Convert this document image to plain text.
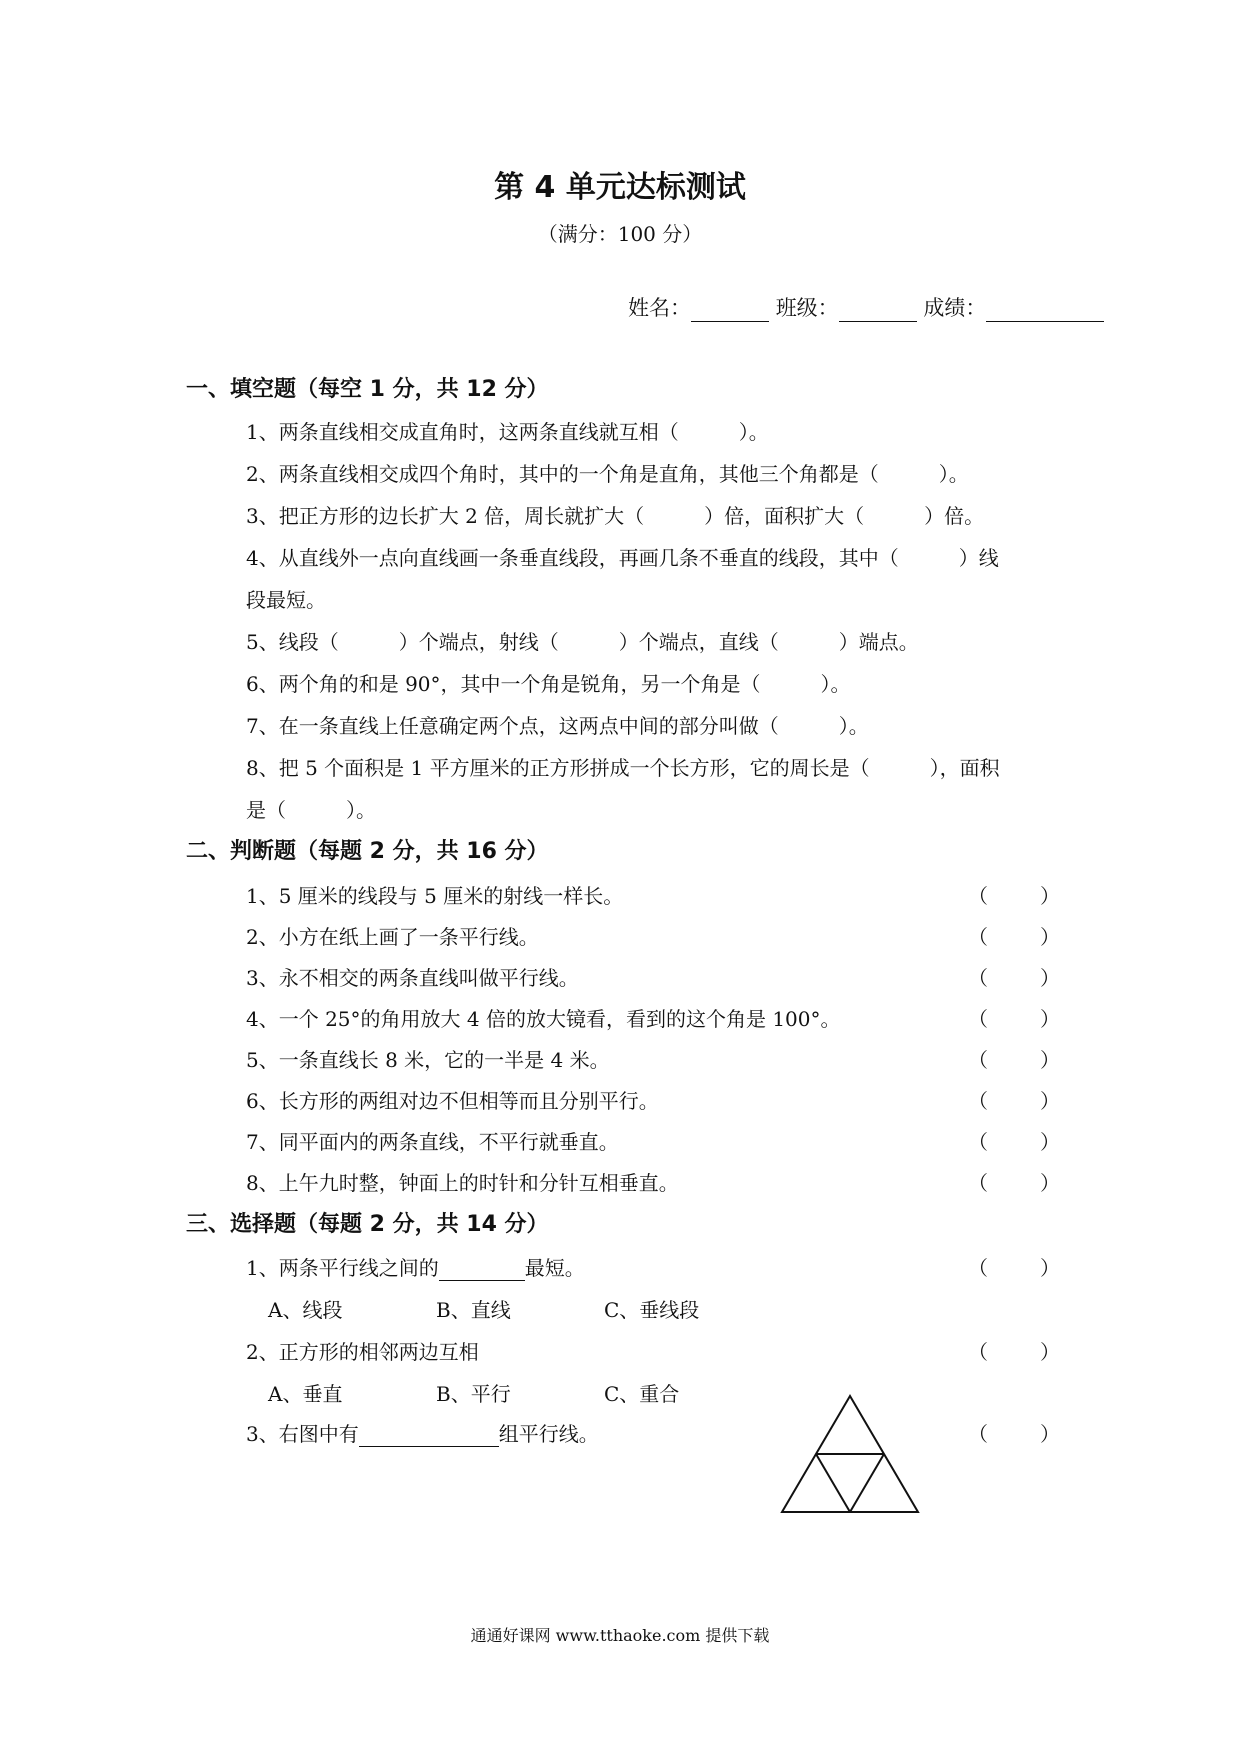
第 4 单元达标测试
（满分：100 分）
姓名：	班级：	成绩：
一、填空题（每空 1 分，共 12 分）
1、两条直线相交成直角时，这两条直线就互相（　　　）。
2、两条直线相交成四个角时，其中的一个角是直角，其他三个角都是（　　　）。
3、把正方形的边长扩大 2 倍，周长就扩大（　　　）倍，面积扩大（　　　）倍。
4、从直线外一点向直线画一条垂直线段，再画几条不垂直的线段，其中（　　　）线
段最短。
5、线段（　　　）个端点，射线（　　　）个端点，直线（　　　）端点。
6、两个角的和是 90°，其中一个角是锐角，另一个角是（　　　）。
7、在一条直线上任意确定两个点，这两点中间的部分叫做（　　　）。
8、把 5 个面积是 1 平方厘米的正方形拼成一个长方形，它的周长是（　　　），面积
是（　　　）。
二、判断题（每题 2 分，共 16 分）
1、5 厘米的线段与 5 厘米的射线一样长。	（	）
2、小方在纸上画了一条平行线。	（	）
3、永不相交的两条直线叫做平行线。	（	）
4、一个 25°的角用放大 4 倍的放大镜看，看到的这个角是 100°。	（	）
5、一条直线长 8 米，它的一半是 4 米。	（	）
6、长方形的两组对边不但相等而且分别平行。	（	）
7、同平面内的两条直线，不平行就垂直。	（	）
8、上午九时整，钟面上的时针和分针互相垂直。	（	）
三、选择题（每题 2 分，共 14 分）
1、两条平行线之间的	最短。	（	）
A、线段	B、直线	C、垂线段
2、正方形的相邻两边互相	（	）
A、垂直	B、平行	C、重合
3、右图中有	组平行线。	（	）
通通好课网 www.tthaoke.com 提供下载
